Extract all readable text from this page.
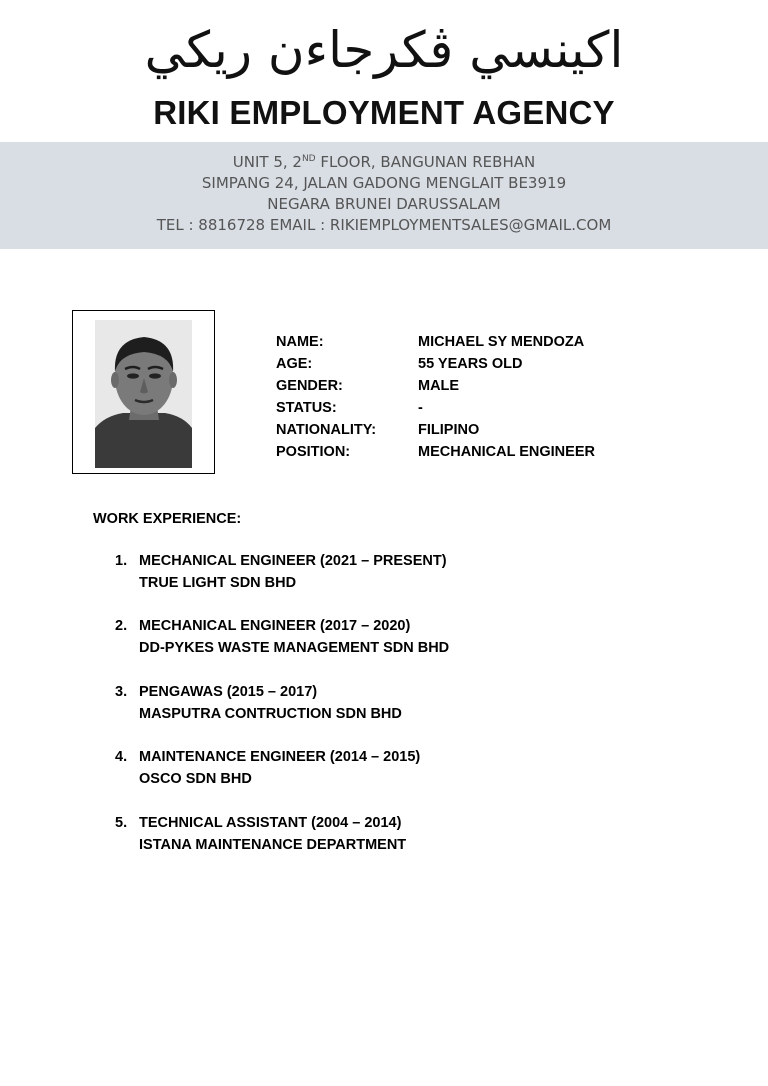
اكينسي ڤكرجاءن ريكي
RIKI EMPLOYMENT AGENCY
UNIT 5, 2ND FLOOR, BANGUNAN REBHAN
SIMPANG 24, JALAN GADONG MENGLAIT BE3919
NEGARA BRUNEI DARUSSALAM
TEL : 8816728 EMAIL : RIKIEMPLOYMENTSALES@GMAIL.COM
NAME:	MICHAEL SY MENDOZA
AGE:	55 YEARS OLD
GENDER:	MALE
STATUS:	-
NATIONALITY:	FILIPINO
POSITION:	MECHANICAL ENGINEER
WORK EXPERIENCE:
1. MECHANICAL ENGINEER (2021 – PRESENT)
TRUE LIGHT SDN BHD
2. MECHANICAL ENGINEER (2017 – 2020)
DD-PYKES WASTE MANAGEMENT SDN BHD
3. PENGAWAS (2015 – 2017)
MASPUTRA CONTRUCTION SDN BHD
4. MAINTENANCE ENGINEER (2014 – 2015)
OSCO SDN BHD
5. TECHNICAL ASSISTANT (2004 – 2014)
ISTANA MAINTENANCE DEPARTMENT
